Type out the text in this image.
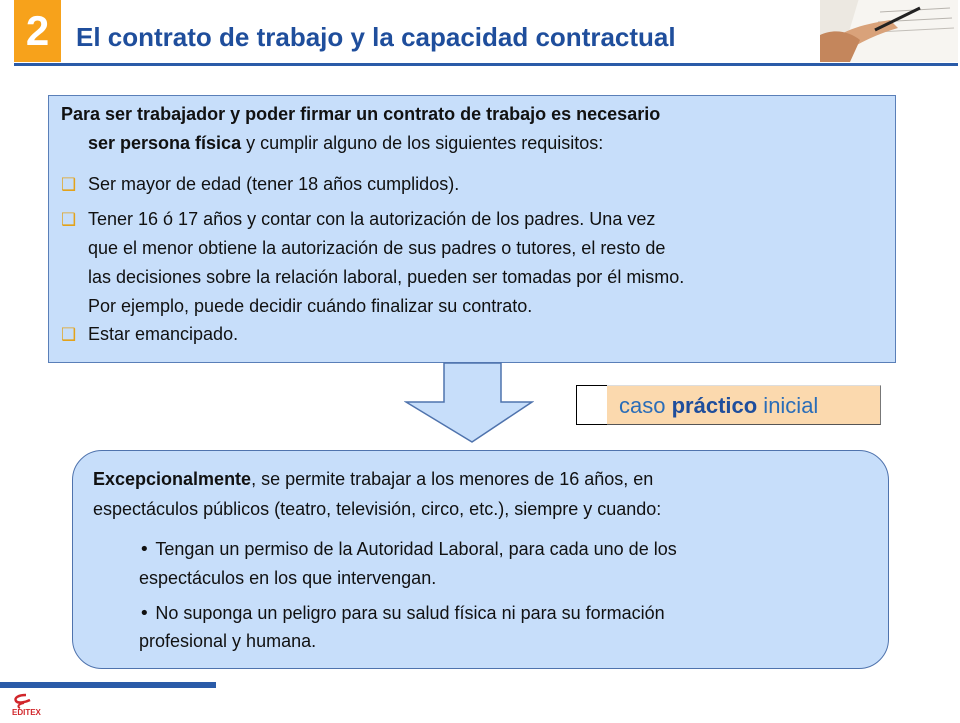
2 El contrato de trabajo y la capacidad contractual
Para ser trabajador y poder firmar un contrato de trabajo es necesario
ser persona física y cumplir alguno de los siguientes requisitos:
❑ Ser mayor de edad (tener 18 años cumplidos).
❑ Tener 16 ó 17 años y contar con la autorización de los padres. Una vez
que el menor obtiene la autorización de sus padres o tutores, el resto de
las decisiones sobre la relación laboral, pueden ser tomadas por él mismo.
Por ejemplo, puede decidir cuándo finalizar su contrato.
❑ Estar emancipado.
caso práctico inicial
Excepcionalmente, se permite trabajar a los menores de 16 años, en
espectáculos públicos (teatro, televisión, circo, etc.), siempre y cuando:
• Tengan un permiso de la Autoridad Laboral, para cada uno de los
espectáculos en los que intervengan.
• No suponga un peligro para su salud física ni para su formación
profesional y humana.
EDITEX
